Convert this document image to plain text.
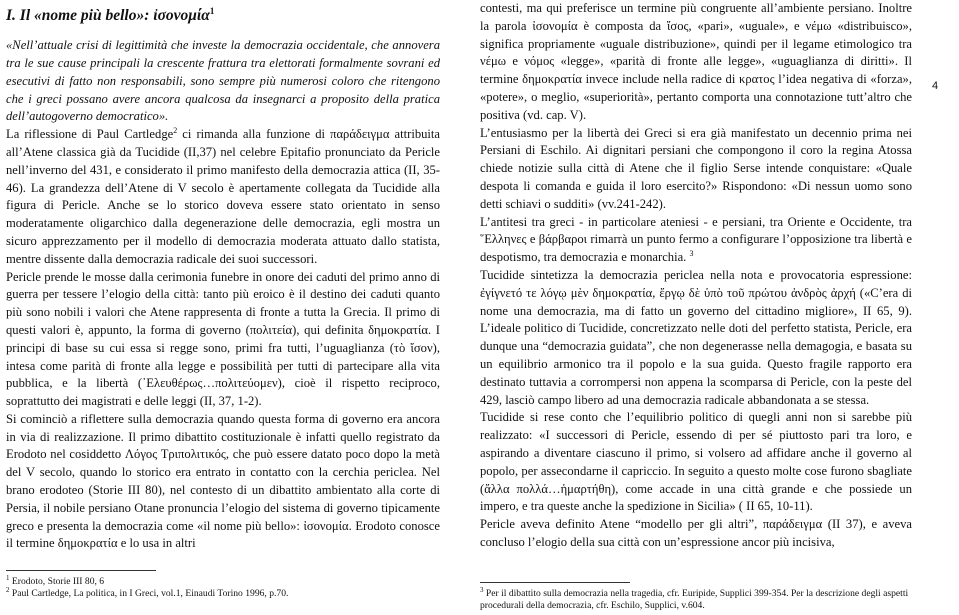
I. Il «nome più bello»: ἰσονομία$^1$

«Nell’attuale crisi di legittimità che investe la democrazia occidentale, che annovera tra le sue cause principali la crescente frattura tra elettorati formalmente sovrani ed esecutivi di fatto non responsabili, sono sempre più numerosi coloro che ritengono che i greci possano avere ancora qualcosa da insegnarci a proposito della pratica dell’autogoverno democratico».

La riflessione di Paul Cartledge$^2$ ci rimanda alla funzione di παράδειγμα attribuita all’Atene classica già da Tucidide (II,37) nel celebre Epitafio pronunciato da Pericle nell’inverno del 431, e considerato il primo manifesto della democrazia attica (II, 35-46). La grandezza dell’Atene di V secolo è apertamente collegata da Tucidide alla figura di Pericle. Anche se lo storico doveva essere stato orientato in senso moderatamente oligarchico dalla degenerazione delle democrazia, egli mostra un sicuro apprezzamento per il modello di democrazia moderata attuato dallo statista, mentre dissente dalla democrazia radicale dei suoi successori.

Pericle prende le mosse dalla cerimonia funebre in onore dei caduti del primo anno di guerra per tessere l’elogio della città: tanto più eroico è il destino dei caduti quanto più sono nobili i valori che Atene rappresenta di fronte a tutta la Grecia. Il primo di questi valori è, appunto, la forma di governo (πολιτεία), qui definita δημοκρατία. I principi di base su cui essa si regge sono, primi fra tutti, l’uguaglianza (τὸ ἴσον), intesa come parità di fronte alla legge e possibilità per tutti di partecipare alla vita pubblica, e la libertà (᾿Ελευθέρως…πολιτεύομεν), cioè il rispetto reciproco, soprattutto dei magistrati e delle leggi (II, 37, 1-2).

Si cominciò a riflettere sulla democrazia quando questa forma di governo era ancora in via di realizzazione. Il primo dibattito costituzionale è infatti quello registrato da Erodoto nel cosiddetto Λόγος Τριπολιτικός, che può essere datato poco dopo la metà del V secolo, quando lo storico era entrato in contatto con la cerchia periclea. Nel brano erodoteo (Storie III 80), nel contesto di un dibattito ambientato alla corte di Persia, il nobile persiano Otane pronuncia l’elogio del sistema di governo tipicamente greco e presenta la democrazia come «il nome più bello»: ἰσονομία. Erodoto conosce il termine δημοκρατία e lo usa in altri

$^1$ Erodoto, Storie III 80, 6

$^2$ Paul Cartledge, La politica, in I Greci, vol.1, Einaudi Torino 1996, p.70.

contesti, ma qui preferisce un termine più congruente all’ambiente persiano. Inoltre la parola ἰσονομία è composta da ἴσος, «pari», «uguale», e νέμω «distribuisco», significa propriamente «uguale distribuzione», quindi per il legame etimologico tra νέμω e νόμος «legge», «parità di fronte alle legge», «uguaglianza di diritti». Il termine δημοκρατία invece include nella radice di κρατος l’idea negativa di «forza», «potere», o meglio, «superiorità», pertanto comporta una connotazione tutt’altro che positiva (vd. cap. V).

L’entusiasmo per la libertà dei Greci si era già manifestato un decennio prima nei Persiani di Eschilo. Ai dignitari persiani che compongono il coro la regina Atossa chiede notizie sulla città di Atene che il figlio Serse intende conquistare: «Quale despota li comanda e guida il loro esercito?» Rispondono: «Di nessun uomo sono detti schiavi o sudditi» (vv.241-242).

L’antitesi tra greci - in particolare ateniesi - e persiani, tra Oriente e Occidente, tra ῞Ελληνες e βάρβαροι rimarrà un punto fermo a configurare l’opposizione tra libertà e despotismo, tra democrazia e monarchia. $^3$

Tucidide sintetizza la democrazia periclea nella nota e provocatoria espressione: ἐγίγνετό τε λόγῳ μὲν δημοκρατία, ἔργῳ δὲ ὑπὸ τοῦ πρώτου ἀνδρὸς ἀρχή («C’era di nome una democrazia, ma di fatto un governo del cittadino migliore», II 65, 9). L’ideale politico di Tucidide, concretizzato nelle doti del perfetto statista, Pericle, era dunque una “democrazia guidata”, che non degenerasse nella demagogia, e basata su un equilibrio armonico tra il popolo e la sua guida. Questo fragile rapporto era destinato tuttavia a corrompersi non appena la scomparsa di Pericle, con la peste del 429, lasciò campo libero ad una democrazia radicale abbandonata a se stessa.

Tucidide si rese conto che l’equilibrio politico di quegli anni non si sarebbe più realizzato: «I successori di Pericle, essendo di per sé piuttosto pari tra loro, e aspirando a diventare ciascuno il primo, si volsero ad affidare anche il governo al popolo, per assecondarne il capriccio. In seguito a questo molte cose furono sbagliate (ἄλλα πολλά…ἡμαρτήθη), come accade in una città grande e che possiede un impero, e tra queste anche la spedizione in Sicilia» ( II 65, 10-11).

Pericle aveva definito Atene “modello per gli altri”, παράδειγμα (II 37), e aveva concluso l’elogio della sua città con un’espressione ancor più incisiva,

$^3$ Per il dibattito sulla democrazia nella tragedia, cfr. Euripide, Supplici 399-354. Per la descrizione degli aspetti procedurali della democrazia, cfr. Eschilo, Supplici, v.604.

4
